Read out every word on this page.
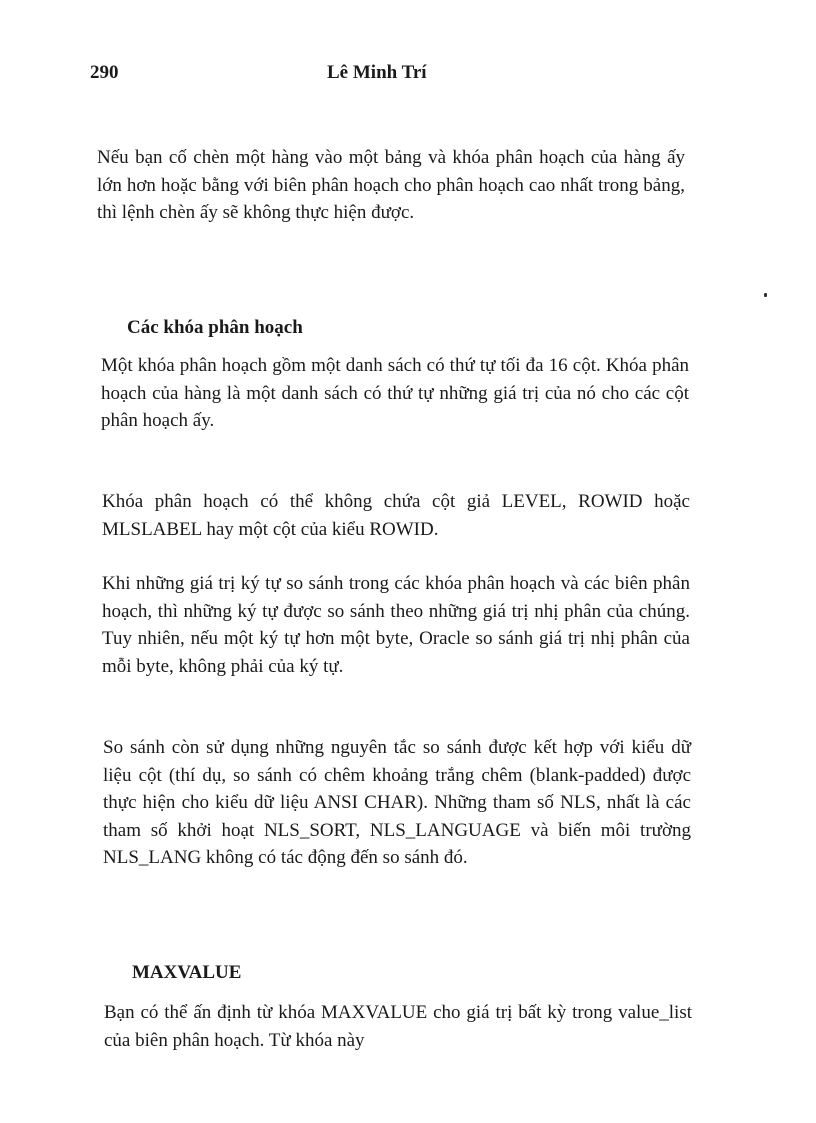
290	Lê Minh Trí

Nếu bạn cố chèn một hàng vào một bảng và khóa phân hoạch của hàng ấy lớn hơn hoặc bằng với biên phân hoạch cho phân hoạch cao nhất trong bảng, thì lệnh chèn ấy sẽ không thực hiện được.

Các khóa phân hoạch

Một khóa phân hoạch gồm một danh sách có thứ tự tối đa 16 cột. Khóa phân hoạch của hàng là một danh sách có thứ tự những giá trị của nó cho các cột phân hoạch ấy.

Khóa phân hoạch có thể không chứa cột giả LEVEL, ROWID hoặc MLSLABEL hay một cột của kiểu ROWID.

Khi những giá trị ký tự so sánh trong các khóa phân hoạch và các biên phân hoạch, thì những ký tự được so sánh theo những giá trị nhị phân của chúng. Tuy nhiên, nếu một ký tự hơn một byte, Oracle so sánh giá trị nhị phân của mỗi byte, không phải của ký tự.

So sánh còn sử dụng những nguyên tắc so sánh được kết hợp với kiểu dữ liệu cột (thí dụ, so sánh có chêm khoảng trắng chêm (blank-padded) được thực hiện cho kiểu dữ liệu ANSI CHAR). Những tham số NLS, nhất là các tham số khởi hoạt NLS_SORT, NLS_LANGUAGE và biến môi trường NLS_LANG không có tác động đến so sánh đó.

MAXVALUE

Bạn có thể ấn định từ khóa MAXVALUE cho giá trị bất kỳ trong value_list của biên phân hoạch. Từ khóa này
